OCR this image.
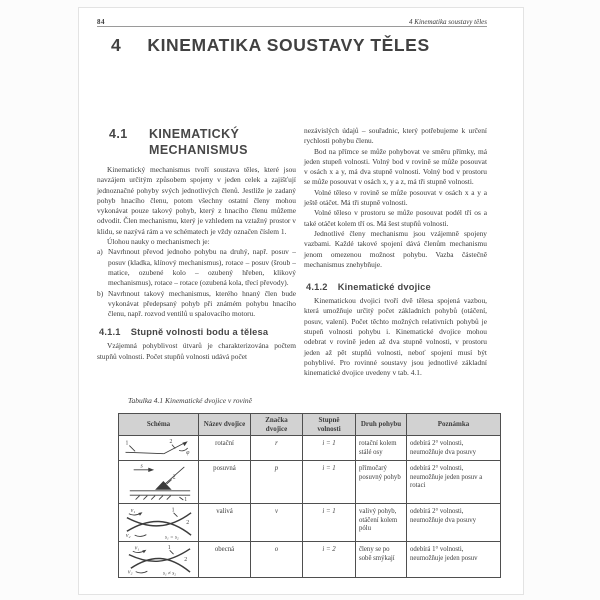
84	4 Kinematika soustavy těles
4 KINEMATIKA SOUSTAVY TĚLES
4.1	KINEMATICKÝ
MECHANISMUS

Kinematický mechanismus tvoří soustava těles, které jsou navzájem určitým způsobem spojeny v jeden celek a zajišťují jednoznačné pohyby svých jednotlivých členů. Jestliže je zadaný pohyb hnacího členu, potom všechny ostatní členy mohou vykonávat pouze takový pohyb, který z hnacího členu můžeme odvodit. Člen mechanismu, který je vzhledem na vztažný prostor v klidu, se nazývá rám a ve schématech je vždy označen číslem 1.

Úlohou nauky o mechanismech je:

a) Navrhnout převod jednoho pohybu na druhý, např. posuv – posuv (kladka, klínový mechanismus), rotace – posuv (šroub – matice, ozubené kolo – ozubený hřeben, klikový mechanismus), rotace – rotace (ozubená kola, třecí převody).
b) Navrhnout takový mechanismus, kterého hnaný člen bude vykonávat předepsaný pohyb při známém pohybu hnacího členu, např. rozvod ventilů u spalovacího motoru.
4.1.1 Stupně volnosti bodu a tělesa

Vzájemná pohyblivost útvarů je charakterizována počtem stupňů volnosti. Počet stupňů volnosti udává počet

nezávislých údajů – souřadnic, který potřebujeme k určení rychlosti pohybu členu.

Bod na přímce se může pohybovat ve směru přímky, má jeden stupeň volnosti. Volný bod v rovině se může posouvat v osách x a y, má dva stupně volnosti. Volný bod v prostoru se může posouvat v osách x, y a z, má tři stupně volnosti.

Volné těleso v rovině se může posouvat v osách x a y a ještě otáčet. Má tři stupně volnosti.

Volné těleso v prostoru se může posouvat podél tří os a také otáčet kolem tří os. Má šest stupňů volnosti.

Jednotlivé členy mechanismu jsou vzájemně spojeny vazbami. Každé takové spojení dává členům mechanismu jenom omezenou možnost pohybu. Vazba částečně mechanismus znehybňuje.

4.1.2 Kinematické dvojice

Kinematickou dvojici tvoří dvě tělesa spojená vazbou, která umožňuje určitý počet základních pohybů (otáčení, posuv, valení). Počet těchto možných relativních pohybů je stupeň volnosti pohybu i. Kinematické dvojice mohou odebrat v rovině jeden až dva stupně volnosti, v prostoru jeden až pět stupňů volnosti, neboť spojení musí být pohyblivé. Pro rovinné soustavy jsou jednotlivé základní kinematické dvojice uvedeny v tab. 4.1.

Tabulka 4.1 Kinematické dvojice v rovině
Schéma	Název dvojice	Značka dvojice	Stupně volnosti	Druh pohybu	Poznámka

1 2
φ	rotační	r	i = 1	rotační kolem stálé osy	odebírá 2° volnosti, neumožňuje dva posuvy

s
2
1	posuvná	p	i = 1	přímočarý posuvný pohyb	odebírá 2° volnosti, neumožňuje jeden posuv a rotaci

v₁ 1
2
v₂ s₁ = s₂	valivá	v	i = 1	valivý pohyb, otáčení kolem pólu	odebírá 2° volnosti, neumožňuje dva posuvy

v₁ 1
2
v₂ s₁ ≠ s₂	obecná	o	i = 2	členy se po sobě smýkají	odebírá 1° volnosti, neumožňuje jeden posuv
